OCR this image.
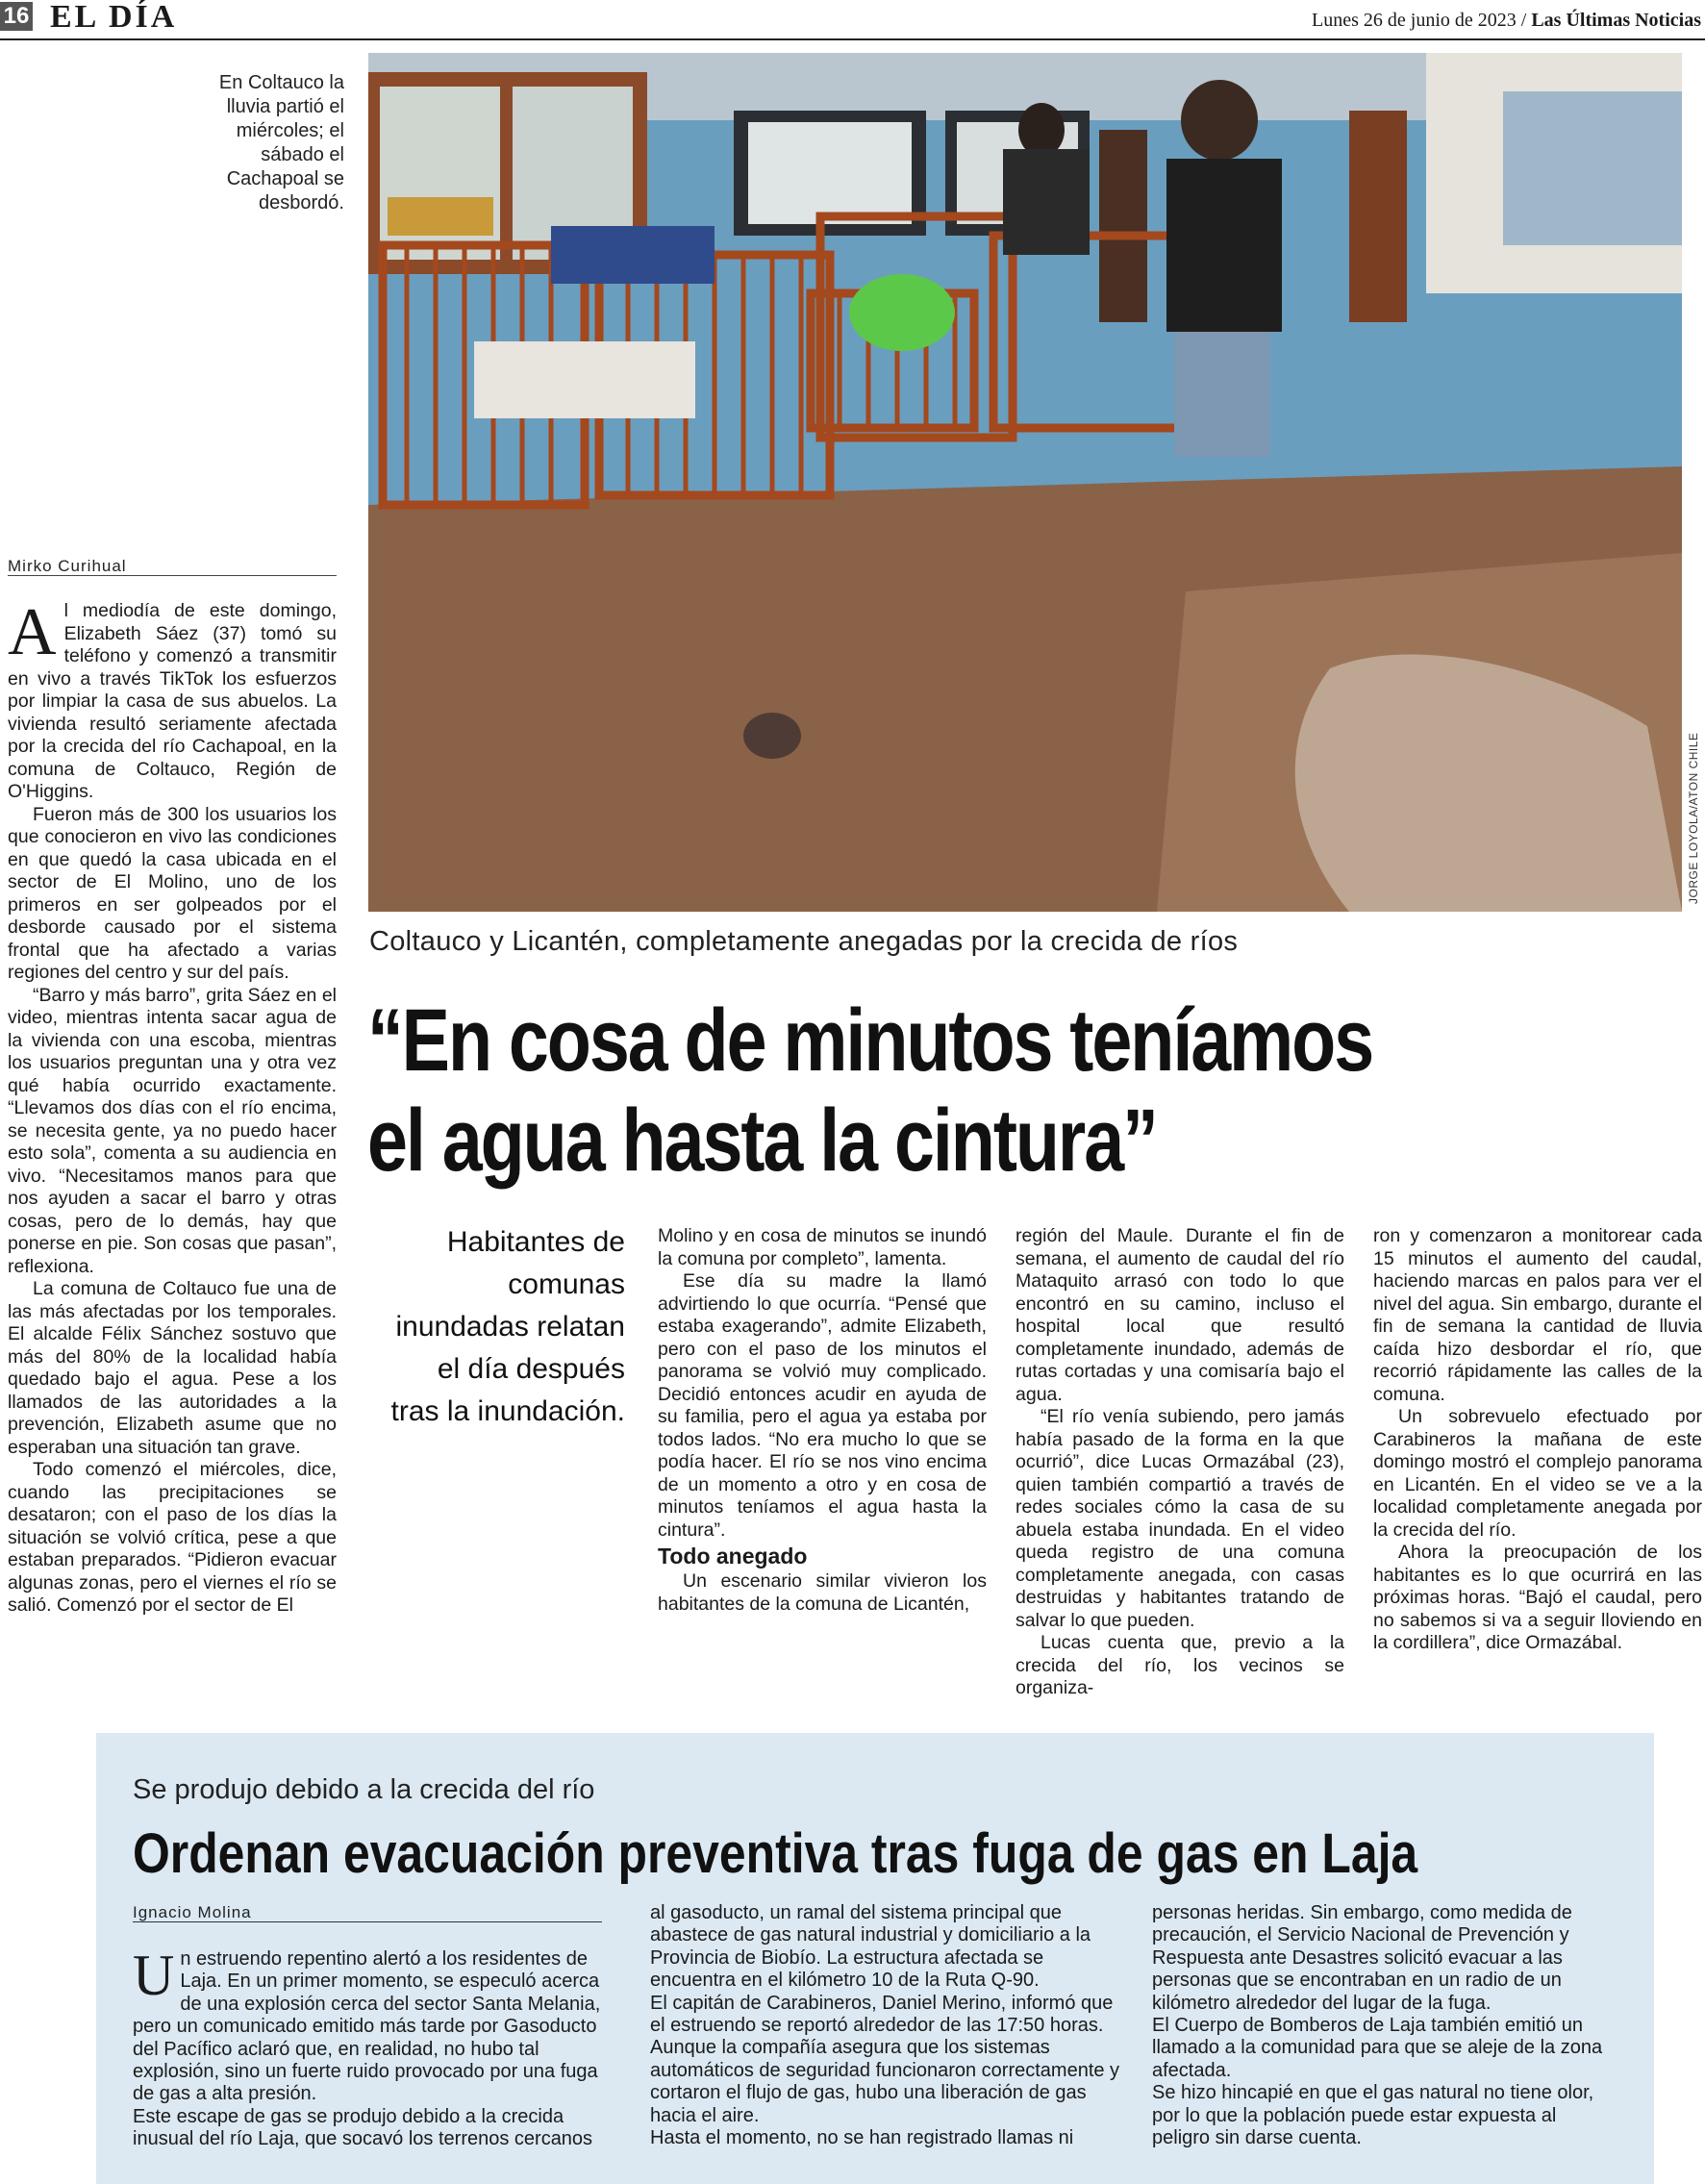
16 EL DÍA	Lunes 26 de junio de 2023 / Las Últimas Noticias
En Coltauco la lluvia partió el miércoles; el sábado el Cachapoal se desbordó.
JORGE LOYOLA/ATON CHILE
Coltauco y Licantén, completamente anegadas por la crecida de ríos
“En cosa de minutos teníamos
el agua hasta la cintura”
Habitantes de comunas inundadas relatan el día después tras la inundación.
Mirko Curihual

Al mediodía de este domingo, Elizabeth Sáez (37) tomó su teléfono y comenzó a transmitir en vivo a través TikTok los esfuerzos por limpiar la casa de sus abuelos. La vivienda resultó seriamente afectada por la crecida del río Cachapoal, en la comuna de Coltauco, Región de O'Higgins.

Fueron más de 300 los usuarios los que conocieron en vivo las condiciones en que quedó la casa ubicada en el sector de El Molino, uno de los primeros en ser golpeados por el desborde causado por el sistema frontal que ha afectado a varias regiones del centro y sur del país.

“Barro y más barro”, grita Sáez en el video, mientras intenta sacar agua de la vivienda con una escoba, mientras los usuarios preguntan una y otra vez qué había ocurrido exactamente. “Llevamos dos días con el río encima, se necesita gente, ya no puedo hacer esto sola”, comenta a su audiencia en vivo. “Necesitamos manos para que nos ayuden a sacar el barro y otras cosas, pero de lo demás, hay que ponerse en pie. Son cosas que pasan”, reflexiona.

La comuna de Coltauco fue una de las más afectadas por los temporales. El alcalde Félix Sánchez sostuvo que más del 80% de la localidad había quedado bajo el agua. Pese a los llamados de las autoridades a la prevención, Elizabeth asume que no esperaban una situación tan grave.

Todo comenzó el miércoles, dice, cuando las precipitaciones se desataron; con el paso de los días la situación se volvió crítica, pese a que estaban preparados. “Pidieron evacuar algunas zonas, pero el viernes el río se salió. Comenzó por el sector de El

Molino y en cosa de minutos se inundó la comuna por completo”, lamenta.

Ese día su madre la llamó advirtiendo lo que ocurría. “Pensé que estaba exagerando”, admite Elizabeth, pero con el paso de los minutos el panorama se volvió muy complicado. Decidió entonces acudir en ayuda de su familia, pero el agua ya estaba por todos lados. “No era mucho lo que se podía hacer. El río se nos vino encima de un momento a otro y en cosa de minutos teníamos el agua hasta la cintura”.

Todo anegado

Un escenario similar vivieron los habitantes de la comuna de Licantén,

región del Maule. Durante el fin de semana, el aumento de caudal del río Mataquito arrasó con todo lo que encontró en su camino, incluso el hospital local que resultó completamente inundado, además de rutas cortadas y una comisaría bajo el agua.

“El río venía subiendo, pero jamás había pasado de la forma en la que ocurrió”, dice Lucas Ormazábal (23), quien también compartió a través de redes sociales cómo la casa de su abuela estaba inundada. En el video queda registro de una comuna completamente anegada, con casas destruidas y habitantes tratando de salvar lo que pueden.

Lucas cuenta que, previo a la crecida del río, los vecinos se organiza-

ron y comenzaron a monitorear cada 15 minutos el aumento del caudal, haciendo marcas en palos para ver el nivel del agua. Sin embargo, durante el fin de semana la cantidad de lluvia caída hizo desbordar el río, que recorrió rápidamente las calles de la comuna.

Un sobrevuelo efectuado por Carabineros la mañana de este domingo mostró el complejo panorama en Licantén. En el video se ve a la localidad completamente anegada por la crecida del río.

Ahora la preocupación de los habitantes es lo que ocurrirá en las próximas horas. “Bajó el caudal, pero no sabemos si va a seguir lloviendo en la cordillera”, dice Ormazábal.

Se produjo debido a la crecida del río
Ordenan evacuación preventiva tras fuga de gas en Laja
Ignacio Molina

Un estruendo repentino alertó a los residentes de Laja. En un primer momento, se especuló acerca de una explosión cerca del sector Santa Melania, pero un comunicado emitido más tarde por Gasoducto del Pacífico aclaró que, en realidad, no hubo tal explosión, sino un fuerte ruido provocado por una fuga de gas a alta presión.

Este escape de gas se produjo debido a la crecida inusual del río Laja, que socavó los terrenos cercanos

al gasoducto, un ramal del sistema principal que abastece de gas natural industrial y domiciliario a la Provincia de Biobío. La estructura afectada se encuentra en el kilómetro 10 de la Ruta Q-90.

El capitán de Carabineros, Daniel Merino, informó que el estruendo se reportó alrededor de las 17:50 horas. Aunque la compañía asegura que los sistemas automáticos de seguridad funcionaron correctamente y cortaron el flujo de gas, hubo una liberación de gas hacia el aire.

Hasta el momento, no se han registrado llamas ni

personas heridas. Sin embargo, como medida de precaución, el Servicio Nacional de Prevención y Respuesta ante Desastres solicitó evacuar a las personas que se encontraban en un radio de un kilómetro alrededor del lugar de la fuga.

El Cuerpo de Bomberos de Laja también emitió un llamado a la comunidad para que se aleje de la zona afectada.

Se hizo hincapié en que el gas natural no tiene olor, por lo que la población puede estar expuesta al peligro sin darse cuenta.
